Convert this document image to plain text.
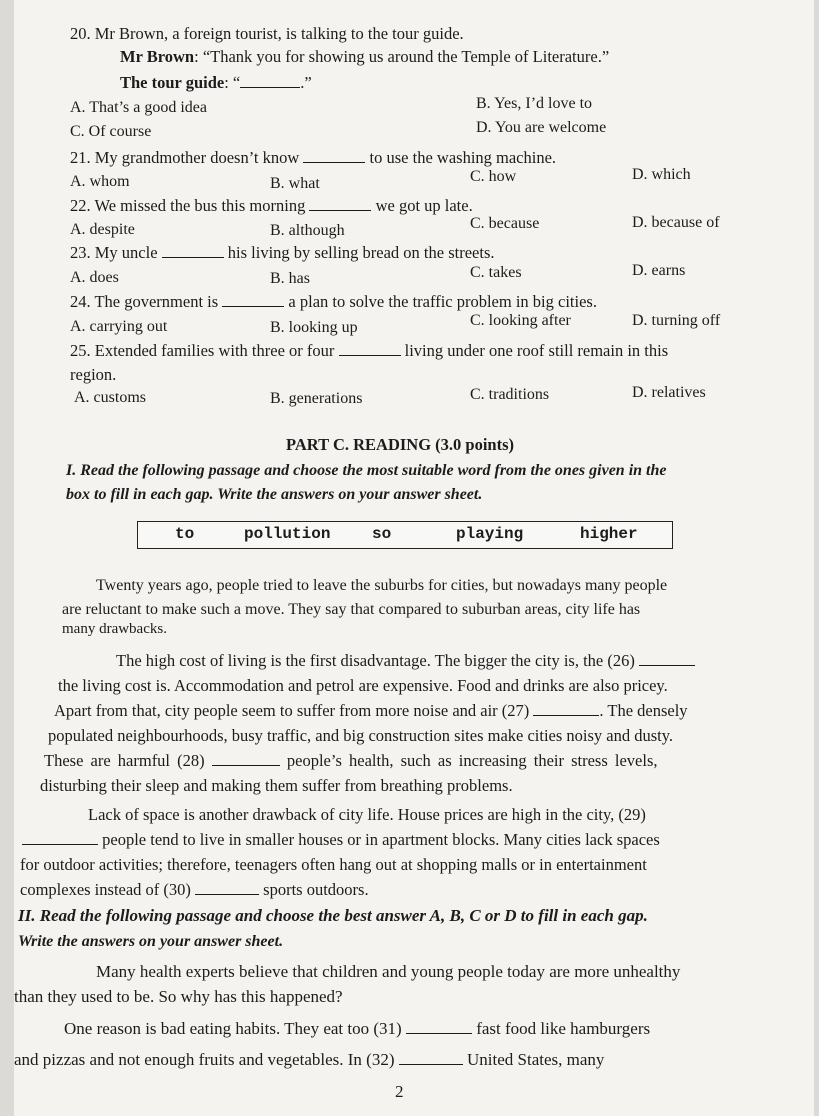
20. Mr Brown, a foreign tourist, is talking to the tour guide.
Mr Brown: “Thank you for showing us around the Temple of Literature.”
The tour guide: “	.”
A. That’s a good idea	B. Yes, I’d love to
C. Of course	D. You are welcome
21. My grandmother doesn’t know	to use the washing machine.
A. whom	B. what	C. how	D. which
22. We missed the bus this morning	we got up late.
A. despite	B. although	C. because	D. because of
23. My uncle	his living by selling bread on the streets.
A. does	B. has	C. takes	D. earns
24. The government is	a plan to solve the traffic problem in big cities.
A. carrying out	B. looking up	C. looking after	D. turning off
25. Extended families with three or four	living under one roof still remain in this
region.
A. customs	B. generations	C. traditions	D. relatives
PART C. READING (3.0 points)
I. Read the following passage and choose the most suitable word from the ones given in the
box to fill in each gap. Write the answers on your answer sheet.
to	pollution	so	playing	higher
Twenty years ago, people tried to leave the suburbs for cities, but nowadays many people
are reluctant to make such a move. They say that compared to suburban areas, city life has
many drawbacks.
The high cost of living is the first disadvantage. The bigger the city is, the (26)
the living cost is. Accommodation and petrol are expensive. Food and drinks are also pricey.
Apart from that, city people seem to suffer from more noise and air (27)	. The densely
populated neighbourhoods, busy traffic, and big construction sites make cities noisy and dusty.
These are harmful (28)	people’s health, such as increasing their stress levels,
disturbing their sleep and making them suffer from breathing problems.
Lack of space is another drawback of city life. House prices are high in the city, (29)
people tend to live in smaller houses or in apartment blocks. Many cities lack spaces
for outdoor activities; therefore, teenagers often hang out at shopping malls or in entertainment
complexes instead of (30)	sports outdoors.
II. Read the following passage and choose the best answer A, B, C or D to fill in each gap.
Write the answers on your answer sheet.
Many health experts believe that children and young people today are more unhealthy
than they used to be. So why has this happened?
One reason is bad eating habits. They eat too (31)	fast food like hamburgers
and pizzas and not enough fruits and vegetables. In (32)	United States, many
2
